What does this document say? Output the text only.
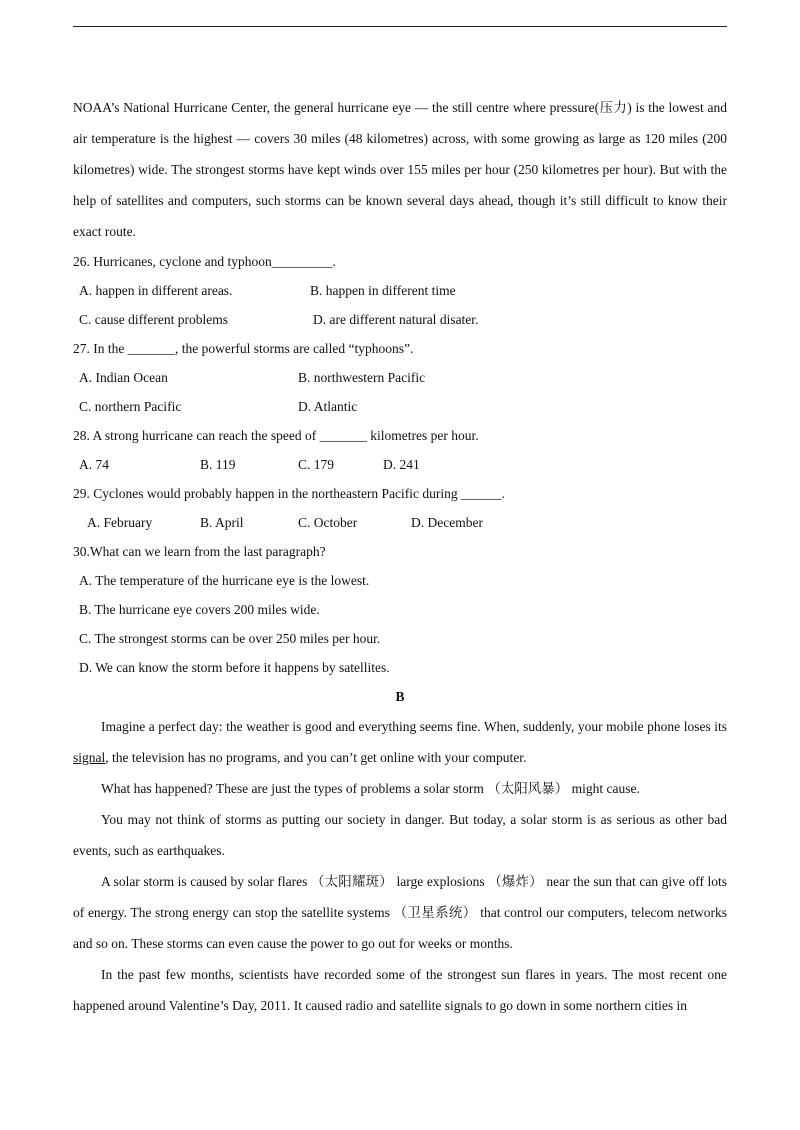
NOAA’s National Hurricane Center, the general hurricane eye — the still centre where pressure(压力) is the lowest and air temperature is the highest — covers 30 miles (48 kilometres) across, with some growing as large as 120 miles (200 kilometres) wide. The strongest storms have kept winds over 155 miles per hour (250 kilometres per hour). But with the help of satellites and computers, such storms can be known several days ahead, though it’s still difficult to know their exact route.

26. Hurricanes, cyclone and typhoon_________.
A. happen in different areas.	B. happen in different time
C. cause different problems	D. are different natural disater.
27. In the _______, the powerful storms are called “typhoons”.
A. Indian Ocean	B. northwestern Pacific
C. northern Pacific	D. Atlantic
28. A strong hurricane can reach the speed of _______ kilometres per hour.
A. 74	B. 119	C. 179	D. 241
29. Cyclones would probably happen in the northeastern Pacific during ______.
A. February	B. April	C. October	D. December
30.What can we learn from the last paragraph?
A. The temperature of the hurricane eye is the lowest.
B. The hurricane eye covers 200 miles wide.
C. The strongest storms can be over 250 miles per hour.
D. We can know the storm before it happens by satellites.
B

Imagine a perfect day: the weather is good and everything seems fine. When, suddenly, your mobile phone loses its signal, the television has no programs, and you can’t get online with your computer.

What has happened? These are just the types of problems a solar storm （太阳风暴） might cause.

You may not think of storms as putting our society in danger. But today, a solar storm is as serious as other bad events, such as earthquakes.

A solar storm is caused by solar flares （太阳耀斑） large explosions （爆炸） near the sun that can give off lots of energy. The strong energy can stop the satellite systems （卫星系统） that control our computers, telecom networks and so on. These storms can even cause the power to go out for weeks or months.

In the past few months, scientists have recorded some of the strongest sun flares in years. The most recent one happened around Valentine’s Day, 2011. It caused radio and satellite signals to go down in some northern cities in
